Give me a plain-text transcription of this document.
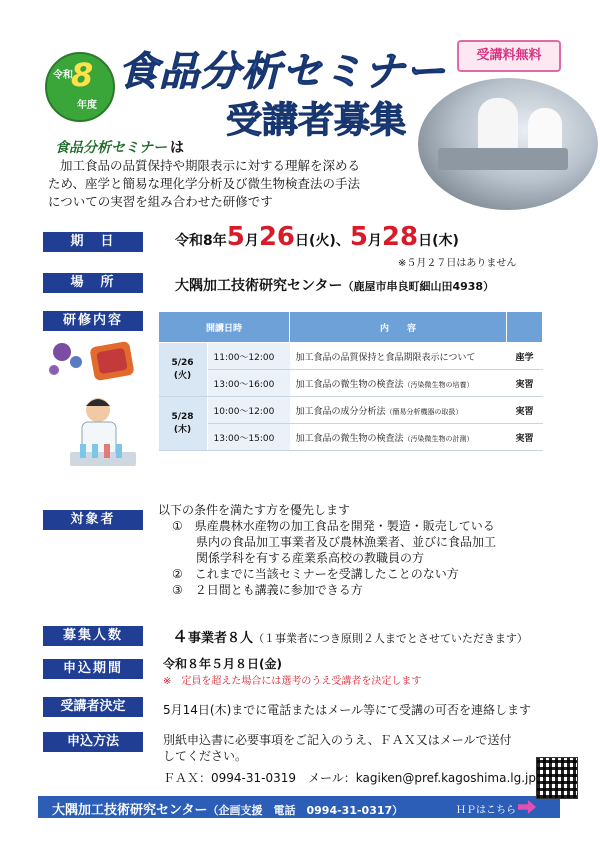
令和
8
年度
食品分析セミナー
受講者募集
受講料無料
食品分析セミナー は
加工食品の品質保持や期限表示に対する理解を深める
ため、座学と簡易な理化学分析及び微生物検査法の手法
についての実習を組み合わせた研修です
期　日	令和8年5月26日(火)、5月28日(木)
※５月２７日はありません
場　所	大隅加工技術研究センター（鹿屋市串良町細山田4938）
研修内容
開講日時		内　　容	
5/26
(火)	11:00～12:00	加工食品の品質保持と食品期限表示について	座学
	13:00～16:00	加工食品の微生物の検査法（汚染微生物の培養）	実習
5/28
(木)	10:00～12:00	加工食品の成分分析法（簡易分析機器の取扱）	実習
	13:00～15:00	加工食品の微生物の検査法（汚染微生物の計測）	実習
対象者
以下の条件を満たす方を優先します
①　県産農林水産物の加工食品を開発・製造・販売している
　　県内の食品加工事業者及び農林漁業者、並びに食品加工
　　関係学科を有する産業系高校の教職員の方
②　これまでに当該セミナーを受講したことのない方
③　２日間とも講義に参加できる方
募集人数	４事業者８人（１事業者につき原則２人までとさせていただきます）
申込期間	令和８年５月８日(金)
※　定員を超えた場合には選考のうえ受講者を決定します
受講者決定	5月14日(木)までに電話またはメール等にて受講の可否を連絡します
申込方法	別紙申込書に必要事項をご記入のうえ、ＦＡＸ又はメールで送付
してください。
ＦＡＸ：0994-31-0319　 メール：kagiken@pref.kagoshima.lg.jp
大隅加工技術研究センター（企画支援　電話　0994-31-0317）	ＨＰはこちら
